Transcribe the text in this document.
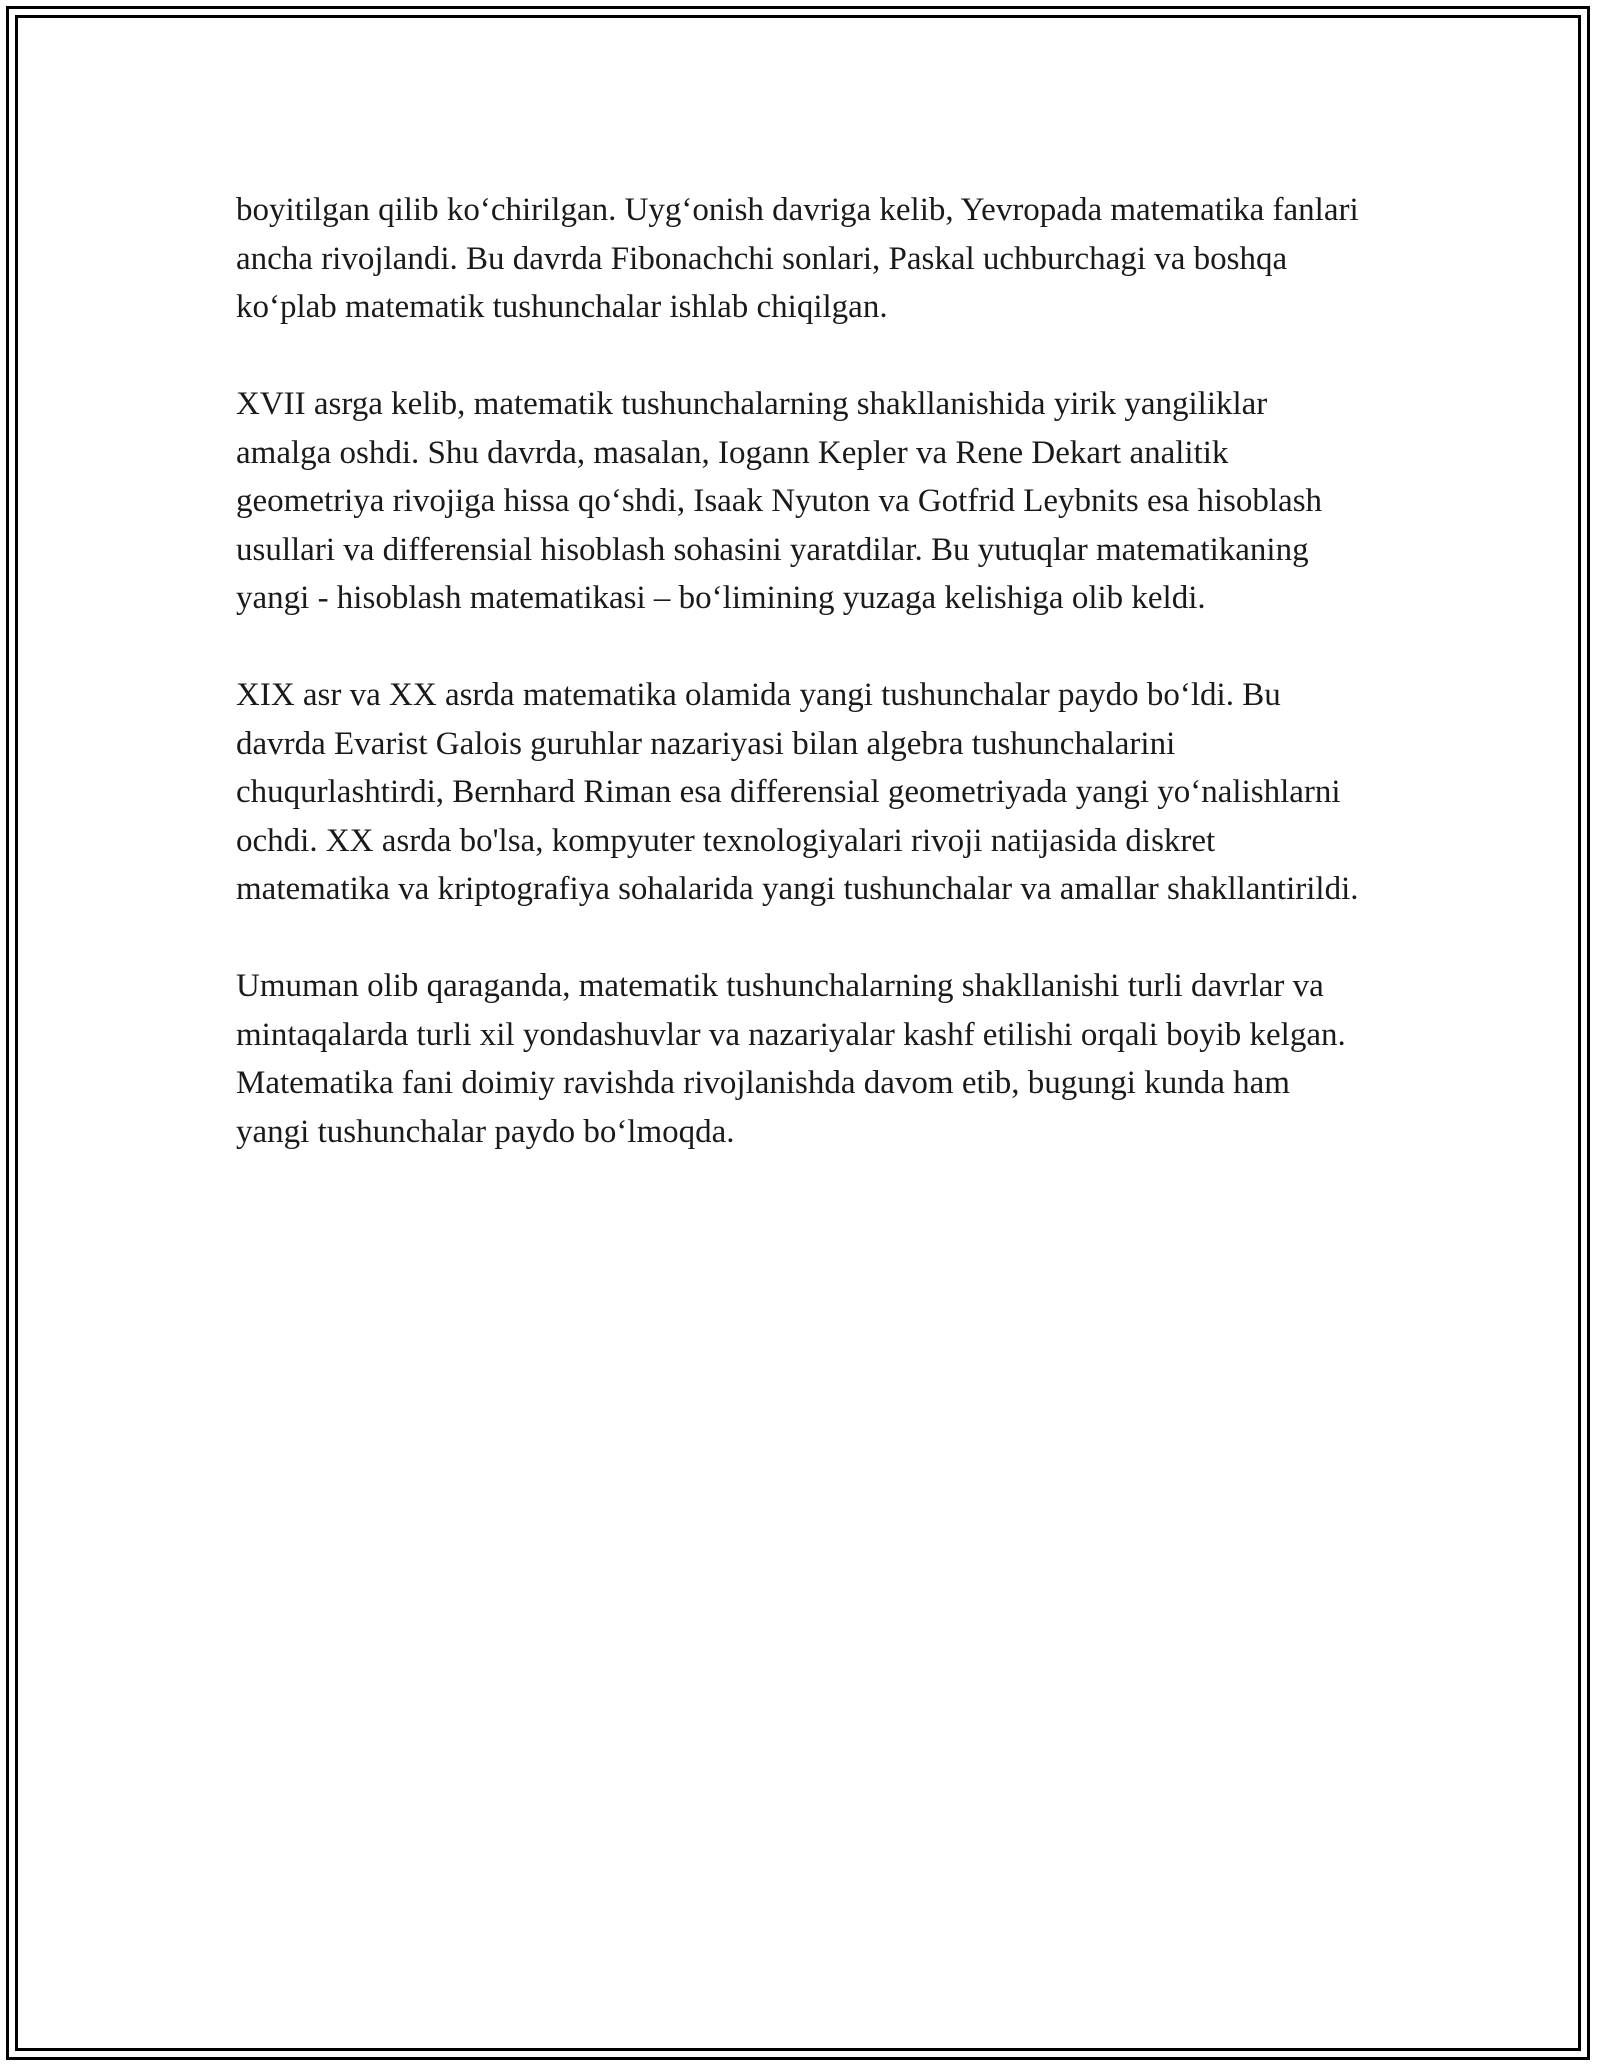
boyitilgan qilib koʻchirilgan. Uygʻonish davriga kelib, Yevropada matematika fanlari ancha rivojlandi. Bu davrda Fibonachchi sonlari, Paskal uchburchagi va boshqa koʻplab matematik tushunchalar ishlab chiqilgan.

XVII asrga kelib, matematik tushunchalarning shakllanishida yirik yangiliklar amalga oshdi. Shu davrda, masalan, Iogann Kepler va Rene Dekart analitik geometriya rivojiga hissa qoʻshdi, Isaak Nyuton va Gotfrid Leybnits esa hisoblash usullari va differensial hisoblash sohasini yaratdilar. Bu yutuqlar matematikaning yangi - hisoblash matematikasi – boʻlimining yuzaga kelishiga olib keldi.

XIX asr va XX asrda matematika olamida yangi tushunchalar paydo boʻldi. Bu davrda Evarist Galois guruhlar nazariyasi bilan algebra tushunchalarini chuqurlashtirdi, Bernhard Riman esa differensial geometriyada yangi yoʻnalishlarni ochdi. XX asrda bo'lsa, kompyuter texnologiyalari rivoji natijasida diskret matematika va kriptografiya sohalarida yangi tushunchalar va amallar shakllantirildi.

Umuman olib qaraganda, matematik tushunchalarning shakllanishi turli davrlar va mintaqalarda turli xil yondashuvlar va nazariyalar kashf etilishi orqali boyib kelgan. Matematika fani doimiy ravishda rivojlanishda davom etib, bugungi kunda ham yangi tushunchalar paydo boʻlmoqda.
